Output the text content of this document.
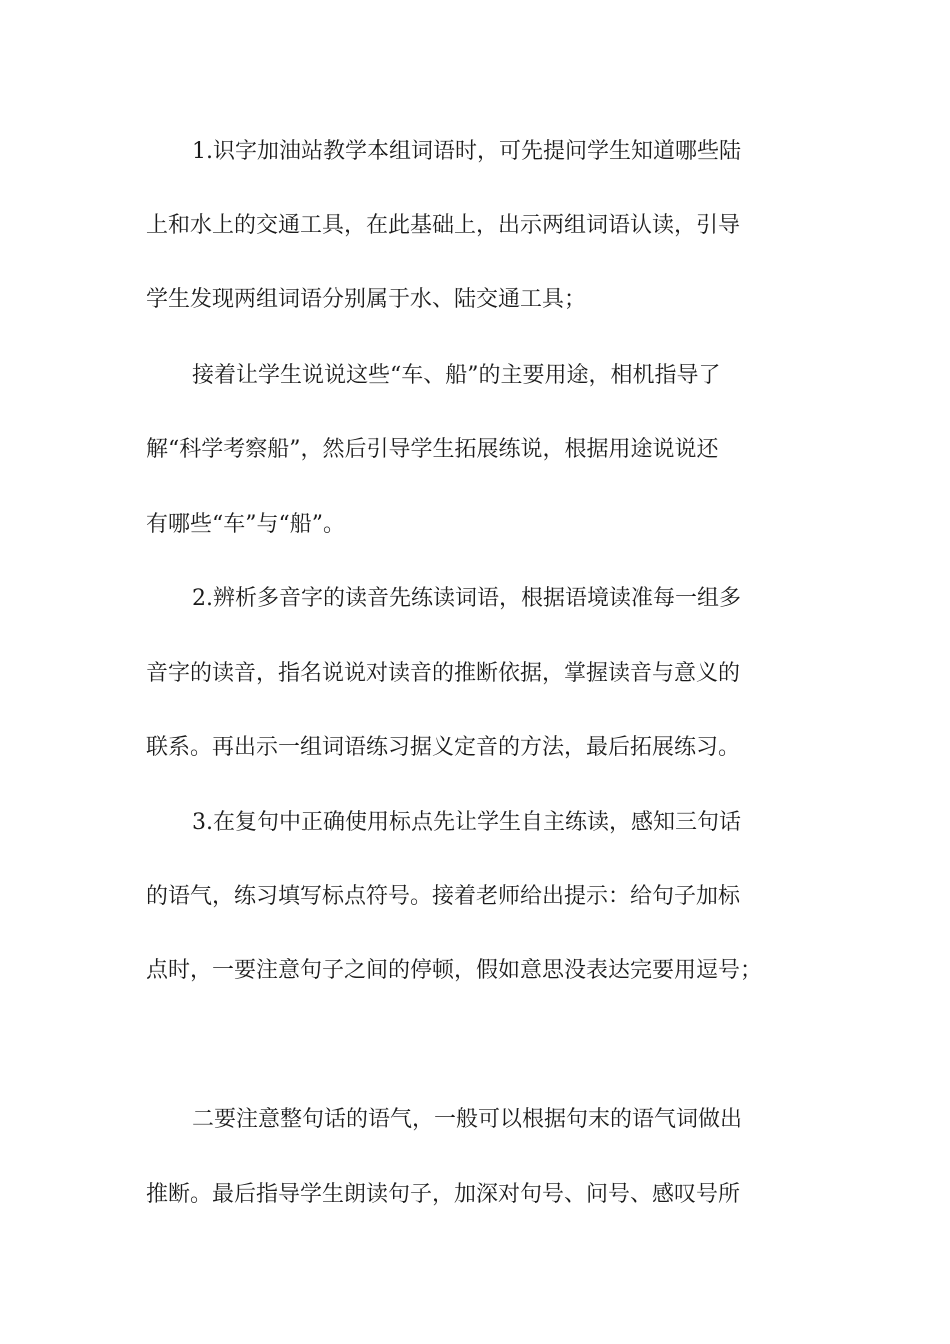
1.识字加油站教学本组词语时，可先提问学生知道哪些陆
上和水上的交通工具，在此基础上，出示两组词语认读，引导
学生发现两组词语分别属于水、陆交通工具；
接着让学生说说这些“车、船”的主要用途，相机指导了
解“科学考察船”，然后引导学生拓展练说，根据用途说说还
有哪些“车”与“船”。
2.辨析多音字的读音先练读词语，根据语境读准每一组多
音字的读音，指名说说对读音的推断依据，掌握读音与意义的
联系。再出示一组词语练习据义定音的方法，最后拓展练习。
3.在复句中正确使用标点先让学生自主练读，感知三句话
的语气，练习填写标点符号。接着老师给出提示：给句子加标
点时，一要注意句子之间的停顿，假如意思没表达完要用逗号；
二要注意整句话的语气，一般可以根据句末的语气词做出
推断。最后指导学生朗读句子，加深对句号、问号、感叹号所
